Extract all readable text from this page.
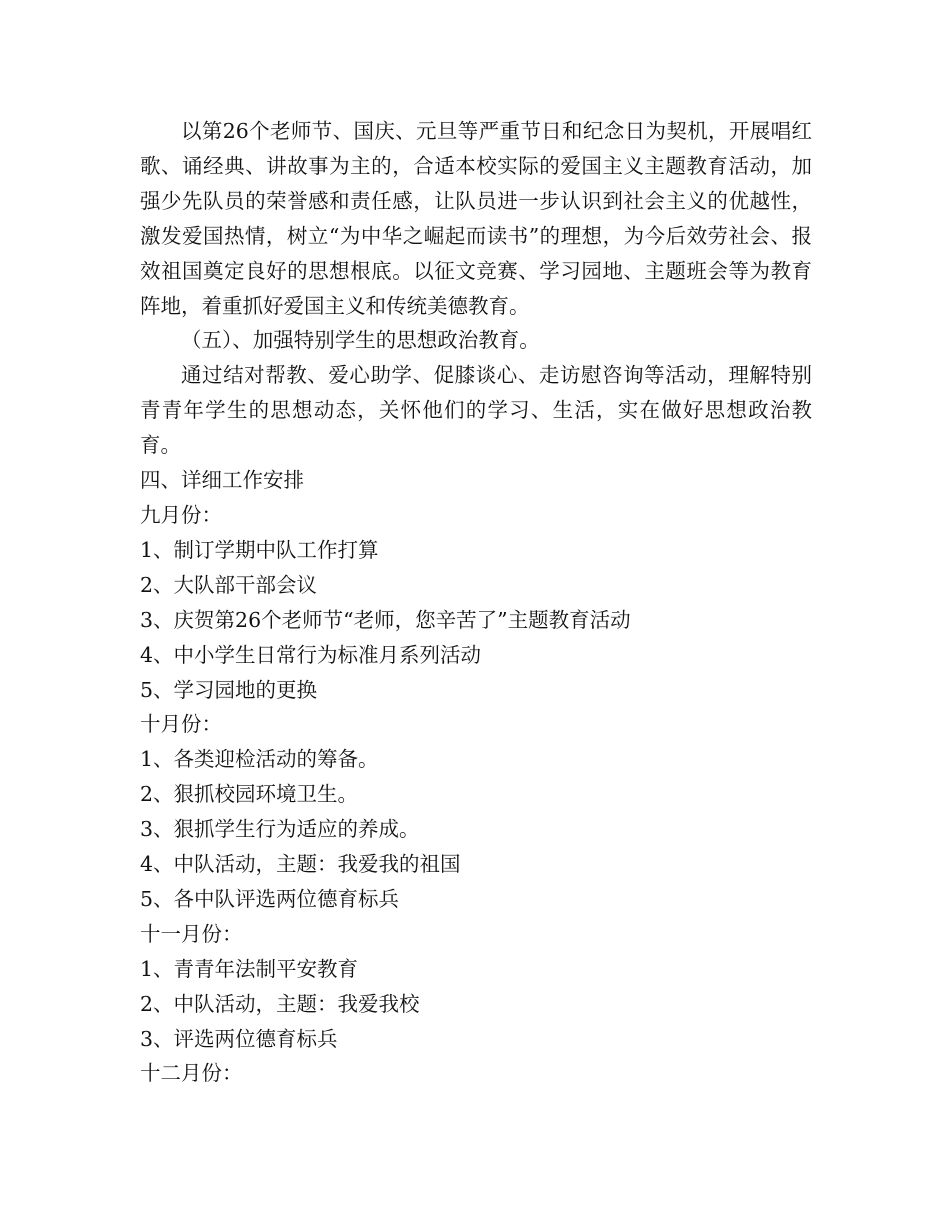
以第26个老师节、国庆、元旦等严重节日和纪念日为契机，开展唱红歌、诵经典、讲故事为主的，合适本校实际的爱国主义主题教育活动，加强少先队员的荣誉感和责任感，让队员进一步认识到社会主义的优越性，激发爱国热情，树立“为中华之崛起而读书”的理想，为今后效劳社会、报效祖国奠定良好的思想根底。以征文竞赛、学习园地、主题班会等为教育阵地，着重抓好爱国主义和传统美德教育。

（五）、加强特别学生的思想政治教育。

通过结对帮教、爱心助学、促膝谈心、走访慰咨询等活动，理解特别青青年学生的思想动态，关怀他们的学习、生活，实在做好思想政治教育。

四、详细工作安排

九月份：

1、制订学期中队工作打算

2、大队部干部会议

3、庆贺第26个老师节“老师，您辛苦了”主题教育活动

4、中小学生日常行为标准月系列活动

5、学习园地的更换

十月份：

1、各类迎检活动的筹备。

2、狠抓校园环境卫生。

3、狠抓学生行为适应的养成。

4、中队活动，主题：我爱我的祖国

5、各中队评选两位德育标兵

十一月份：

1、青青年法制平安教育

2、中队活动，主题：我爱我校

3、评选两位德育标兵

十二月份：
